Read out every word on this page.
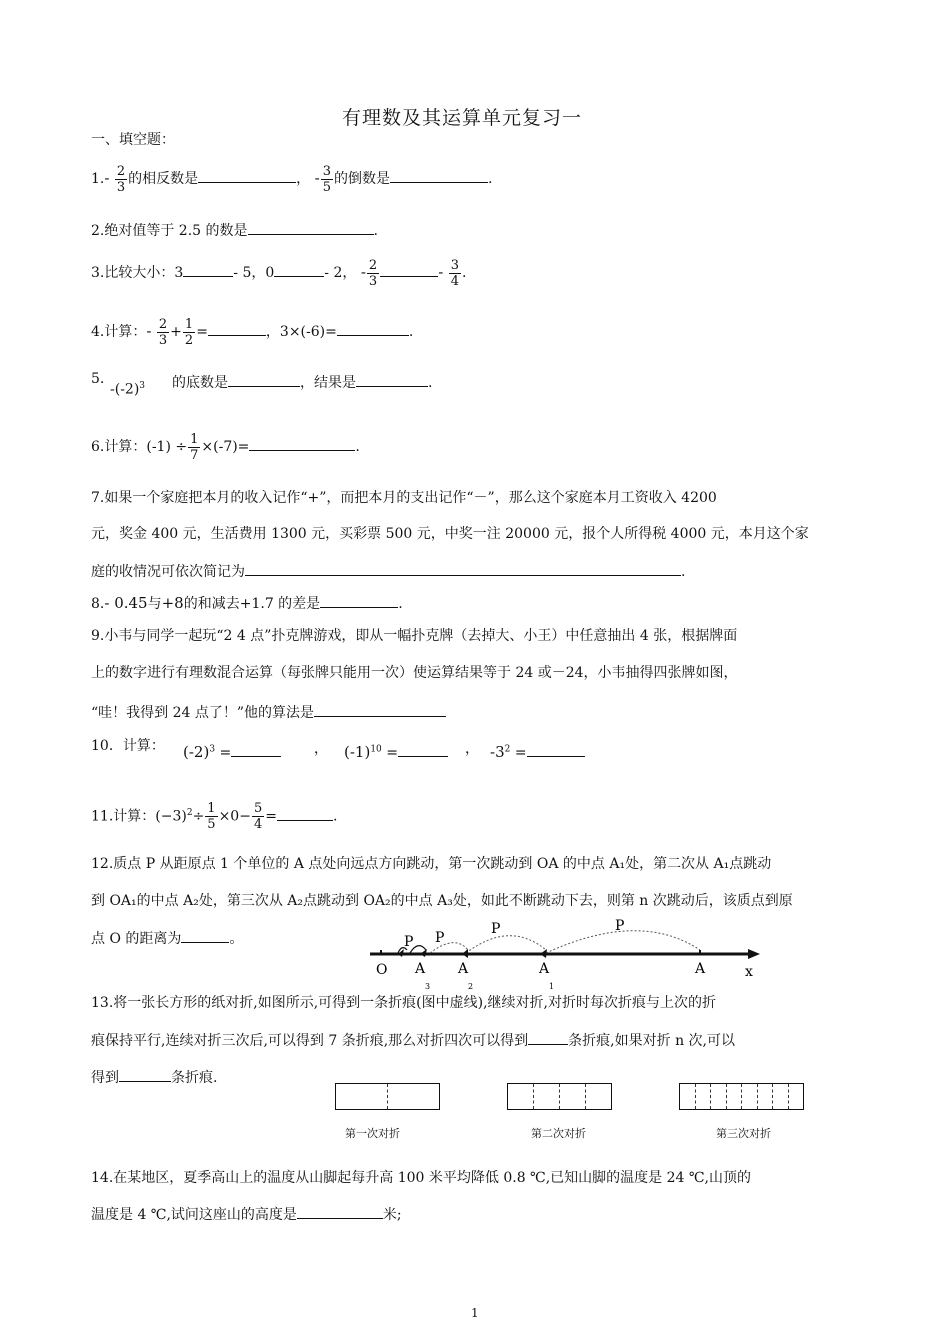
有理数及其运算单元复习一
一、填空题：
$1.- \frac{2}{3}$ 的相反数是	， - $\frac{3}{5}$ 的倒数是	.
2.绝对值等于 2.5 的数是	.
3.比较大小：3	- 5，0	- 2， - $\frac{2}{3}$	- $\frac{3}{4}$ .
4.计算：- $\frac{2}{3} + \frac{1}{2}$ =	，3×(-6)=	.
5.
$-(-2)^3$ 的底数是	，结果是	.
6.计算：$(-1) \div \frac{1}{7} \times(-7)=$	.
7.如果一个家庭把本月的收入记作“+”，而把本月的支出记作“－”，那么这个家庭本月工资收入 4200
元，奖金 400 元，生活费用 1300 元，买彩票 500 元，中奖一注 20000 元，报个人所得税 4000 元，本月这个家
庭的收情况可依次简记为	.
8.- 0.45与+8的和减去+1.7 的差是	.
9.小韦与同学一起玩“2 4 点”扑克牌游戏，即从一幅扑克牌（去掉大、小王）中任意抽出 4 张，根据牌面
上的数字进行有理数混合运算（每张牌只能用一次）使运算结果等于 24 或－24，小韦抽得四张牌如图，
“哇！我得到 24 点了！”他的算法是
10．计算： $(-2)^3$ =	， $(-1)^{10}$ =	， $-3^2$ =
11.计算：$(-3)^2\div \frac{1}{5} \times 0- \frac{5}{4}$ =	.
12.质点 P 从距原点 1 个单位的 A 点处向远点方向跳动，第一次跳动到 OA 的中点 A₁处，第二次从 A₁点跳动
到 OA₁的中点 A₂处，第三次从 A₂点跳动到 OA₂的中点 A₃处，如此不断跳动下去，则第 n 次跳动后，该质点到原
点 O 的距离为	。	P P
P	P
O A A	A	A
3	2	1
x
13.将一张长方形的纸对折,如图所示,可得到一条折痕(图中虚线),继续对折,对折时每次折痕与上次的折
痕保持平行,连续对折三次后,可以得到 7 条折痕,那么对折四次可以得到	条折痕,如果对折 n 次,可以
得到	条折痕.
第一次对折	第二次对折	第三次对折
14.在某地区，夏季高山上的温度从山脚起每升高 100 米平均降低 0.8 ℃,已知山脚的温度是 24 ℃,山顶的
温度是 4 ℃,试问这座山的高度是	米;
1
